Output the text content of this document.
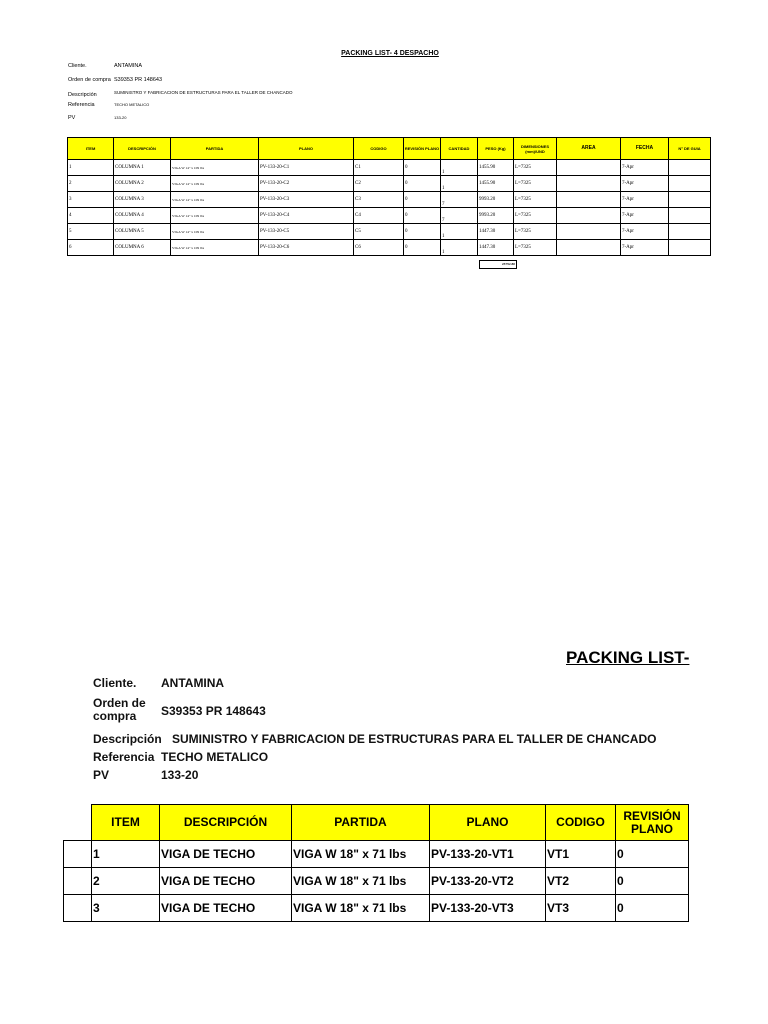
PACKING LIST- 4 DESPACHO
Cliente.	ANTAMINA
Orden de compra S39353 PR 148643
Descripción	SUMINISTRO Y FABRICACION DE ESTRUCTURAS PARA EL TALLER DE CHANCADO
Referencia	TECHO METALICO
PV	133-20
ITEM	DESCRIPCIÓN	PARTIDA	PLANO	CODIGO	REVISIÓN PLANO	CANTIDAD	PESO (Kg)	DIMENSIONES (mm)/UND	AREA	FECHA	N° DE GUIA
1	COLUMNA 1	VIGA W 14" x 109 lbs	PV-133-20-C1	C1	0	1	1455.90	L=7325		7-Apr	
2	COLUMNA 2	VIGA W 14" x 109 lbs	PV-133-20-C2	C2	0	1	1455.90	L=7325		7-Apr	
3	COLUMNA 3	VIGA W 14" x 109 lbs	PV-133-20-C3	C3	0	7	9993.20	L=7325		7-Apr	
4	COLUMNA 4	VIGA W 14" x 109 lbs	PV-133-20-C4	C4	0	7	9993.20	L=7325		7-Apr	
5	COLUMNA 5	VIGA W 14" x 109 lbs	PV-133-20-C5	C5	0	1	1447.30	L=7325		7-Apr	
6	COLUMNA 6	VIGA W 14" x 109 lbs	PV-133-20-C6	C6	0	1	1447.30	L=7325		7-Apr	
25792.80
PACKING LIST-
Cliente. ANTAMINA
Orden de compra	S39353 PR 148643
Descripción SUMINISTRO Y FABRICACION DE ESTRUCTURAS PARA EL TALLER DE CHANCADO
Referencia TECHO METALICO
PV	133-20
	ITEM	DESCRIPCIÓN	PARTIDA	PLANO	CODIGO	REVISIÓN PLANO
	1	VIGA DE TECHO	VIGA W 18" x 71 lbs	PV-133-20-VT1	VT1	0
	2	VIGA DE TECHO	VIGA W 18" x 71 lbs	PV-133-20-VT2	VT2	0
	3	VIGA DE TECHO	VIGA W 18" x 71 lbs	PV-133-20-VT3	VT3	0
